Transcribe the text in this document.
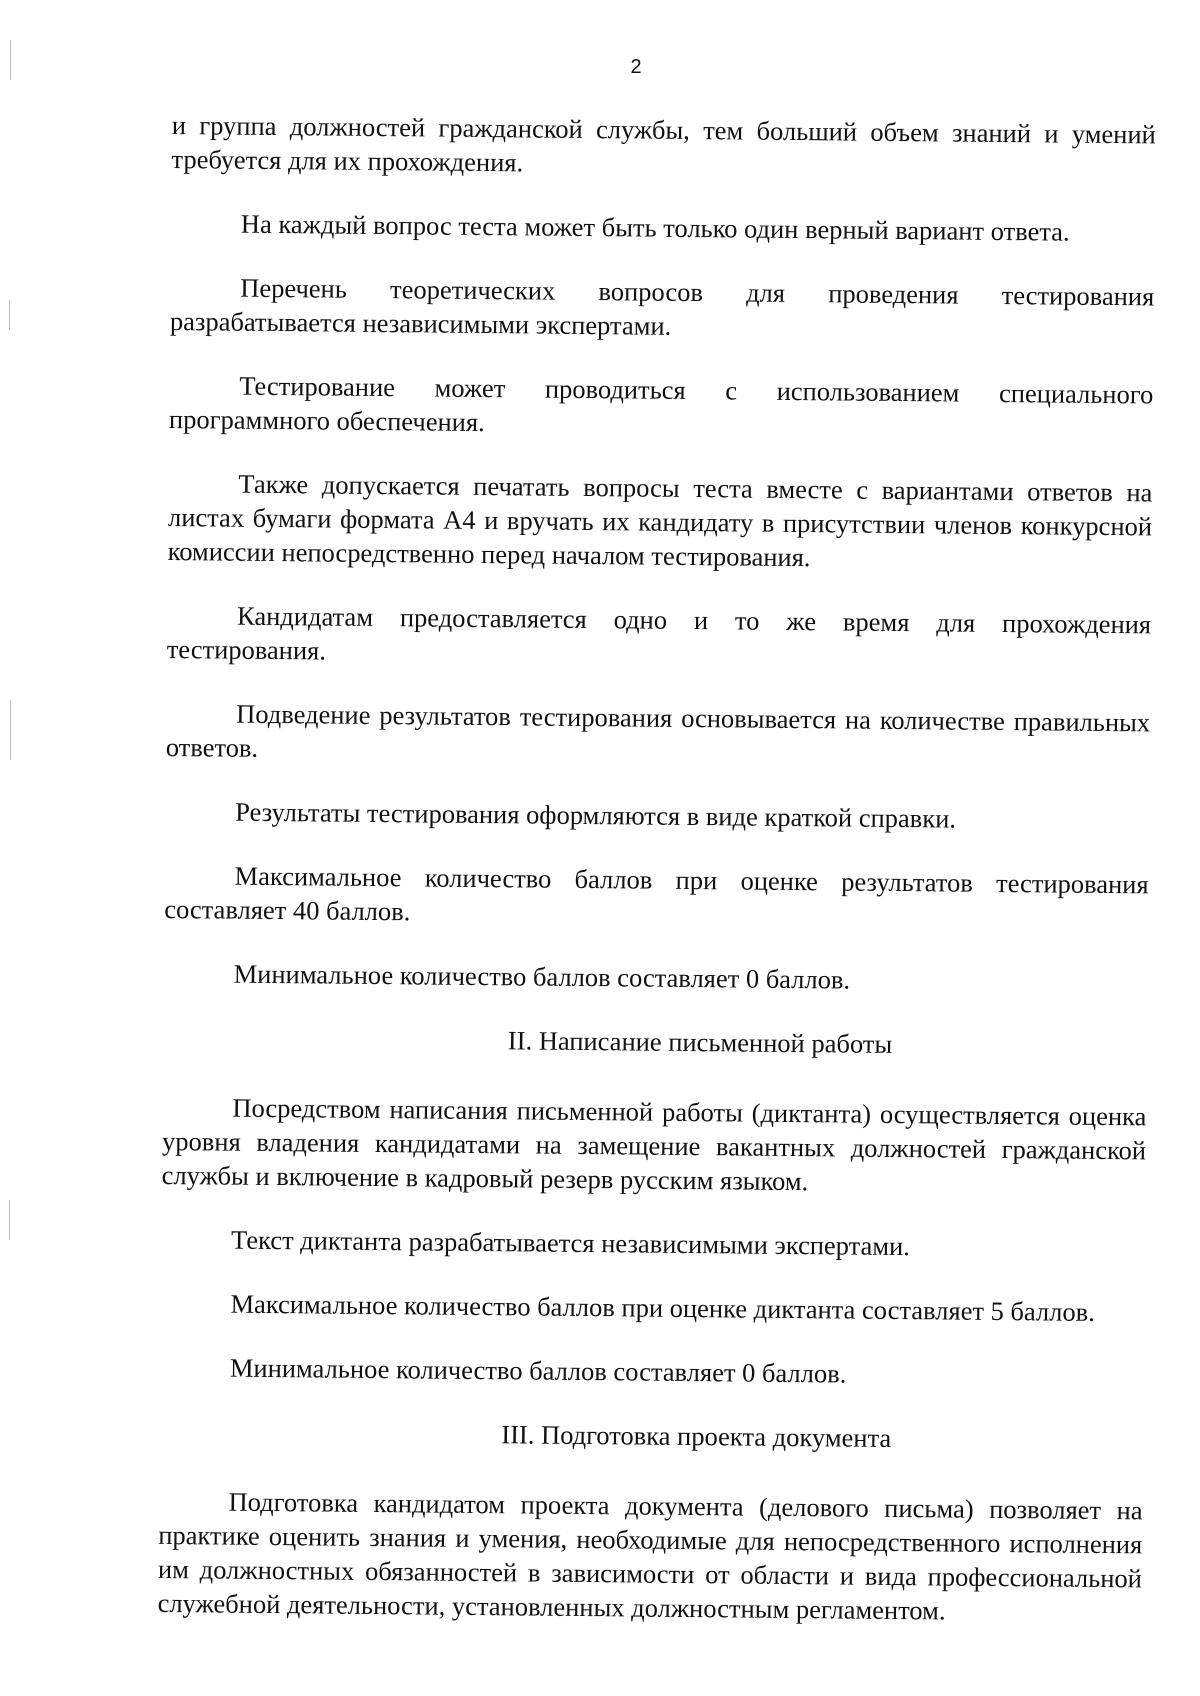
2

и группа должностей гражданской службы, тем больший объем знаний и умений требуется для их прохождения.

На каждый вопрос теста может быть только один верный вариант ответа.

Перечень теоретических вопросов для проведения тестирования разрабатывается независимыми экспертами.

Тестирование может проводиться с использованием специального программного обеспечения.

Также допускается печатать вопросы теста вместе с вариантами ответов на листах бумаги формата А4 и вручать их кандидату в присутствии членов конкурсной комиссии непосредственно перед началом тестирования.

Кандидатам предоставляется одно и то же время для прохождения тестирования.

Подведение результатов тестирования основывается на количестве правильных ответов.

Результаты тестирования оформляются в виде краткой справки.

Максимальное количество баллов при оценке результатов тестирования составляет 40 баллов.

Минимальное количество баллов составляет 0 баллов.

II. Написание письменной работы

Посредством написания письменной работы (диктанта) осуществляется оценка уровня владения кандидатами на замещение вакантных должностей гражданской службы и включение в кадровый резерв русским языком.

Текст диктанта разрабатывается независимыми экспертами.

Максимальное количество баллов при оценке диктанта составляет 5 баллов.

Минимальное количество баллов составляет 0 баллов.

III. Подготовка проекта документа

Подготовка кандидатом проекта документа (делового письма) позволяет на практике оценить знания и умения, необходимые для непосредственного исполнения им должностных обязанностей в зависимости от области и вида профессиональной служебной деятельности, установленных должностным регламентом.
